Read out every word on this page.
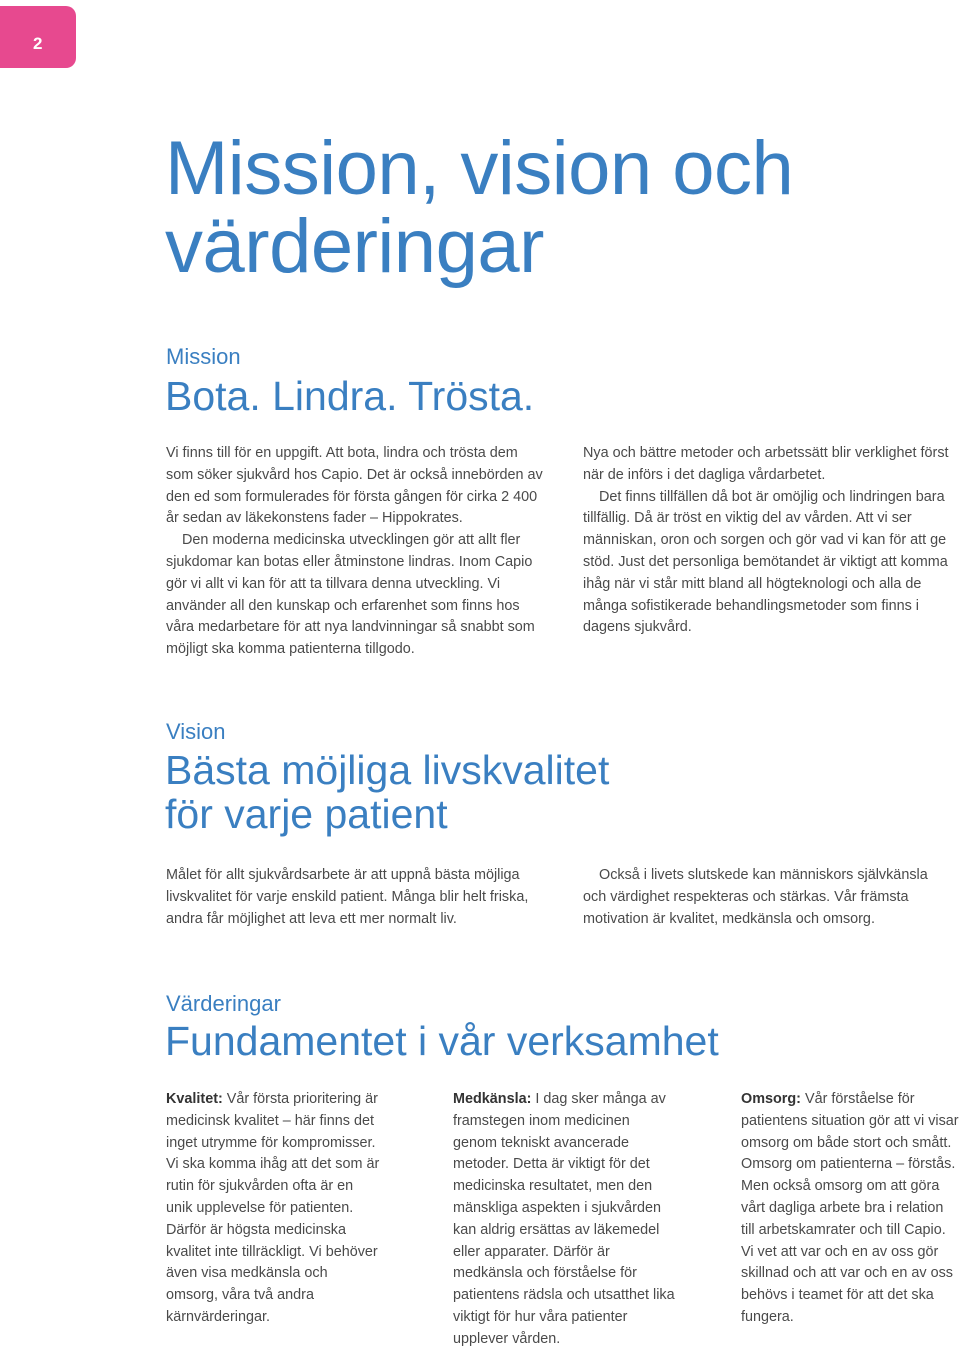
2
Mission, vision och
värderingar
Mission
Bota. Lindra. Trösta.

Vi finns till för en uppgift. Att bota, lindra och trösta dem som söker sjukvård hos Capio. Det är också innebörden av den ed som formulerades för första gången för cirka 2 400 år sedan av läkekonstens fader – Hippokrates.

Den moderna medicinska utvecklingen gör att allt fler sjukdomar kan botas eller åtminstone lindras. Inom Capio gör vi allt vi kan för att ta tillvara denna utveckling. Vi använder all den kunskap och erfarenhet som finns hos våra medarbetare för att nya landvinningar så snabbt som möjligt ska komma patienterna tillgodo.

Nya och bättre metoder och arbetssätt blir verklighet först när de införs i det dagliga vårdarbetet.

Det finns tillfällen då bot är omöjlig och lindringen bara tillfällig. Då är tröst en viktig del av vården. Att vi ser människan, oron och sorgen och gör vad vi kan för att ge stöd. Just det personliga bemötandet är viktigt att komma ihåg när vi står mitt bland all högteknologi och alla de många sofistikerade behandlingsmetoder som finns i dagens sjukvård.

Vision
Bästa möjliga livskvalitet
för varje patient

Målet för allt sjukvårdsarbete är att uppnå bästa möjliga livskvalitet för varje enskild patient. Många blir helt friska, andra får möjlighet att leva ett mer normalt liv.

Också i livets slutskede kan människors självkänsla och värdighet respekteras och stärkas. Vår främsta motivation är kvalitet, medkänsla och omsorg.

Värderingar
Fundamentet i vår verksamhet

Kvalitet: Vår första prioritering är medicinsk kvalitet – här finns det inget utrymme för kompromisser. Vi ska komma ihåg att det som är rutin för sjukvården ofta är en unik upplevelse för patienten. Därför är högsta medicinska kvalitet inte tillräckligt. Vi behöver även visa medkänsla och omsorg, våra två andra kärnvärderingar.

Medkänsla: I dag sker många av framstegen inom medicinen genom tekniskt avancerade metoder. Detta är viktigt för det medicinska resultatet, men den mänskliga aspekten i sjukvården kan aldrig ersättas av läkemedel eller apparater. Därför är medkänsla och förståelse för patientens rädsla och utsatthet lika viktigt för hur våra patienter upplever vården.

Omsorg: Vår förståelse för patientens situation gör att vi visar omsorg om både stort och smått. Omsorg om patienterna – förstås. Men också omsorg om att göra vårt dagliga arbete bra i relation till arbetskamrater och till Capio. Vi vet att var och en av oss gör skillnad och att var och en av oss behövs i teamet för att det ska fungera.
